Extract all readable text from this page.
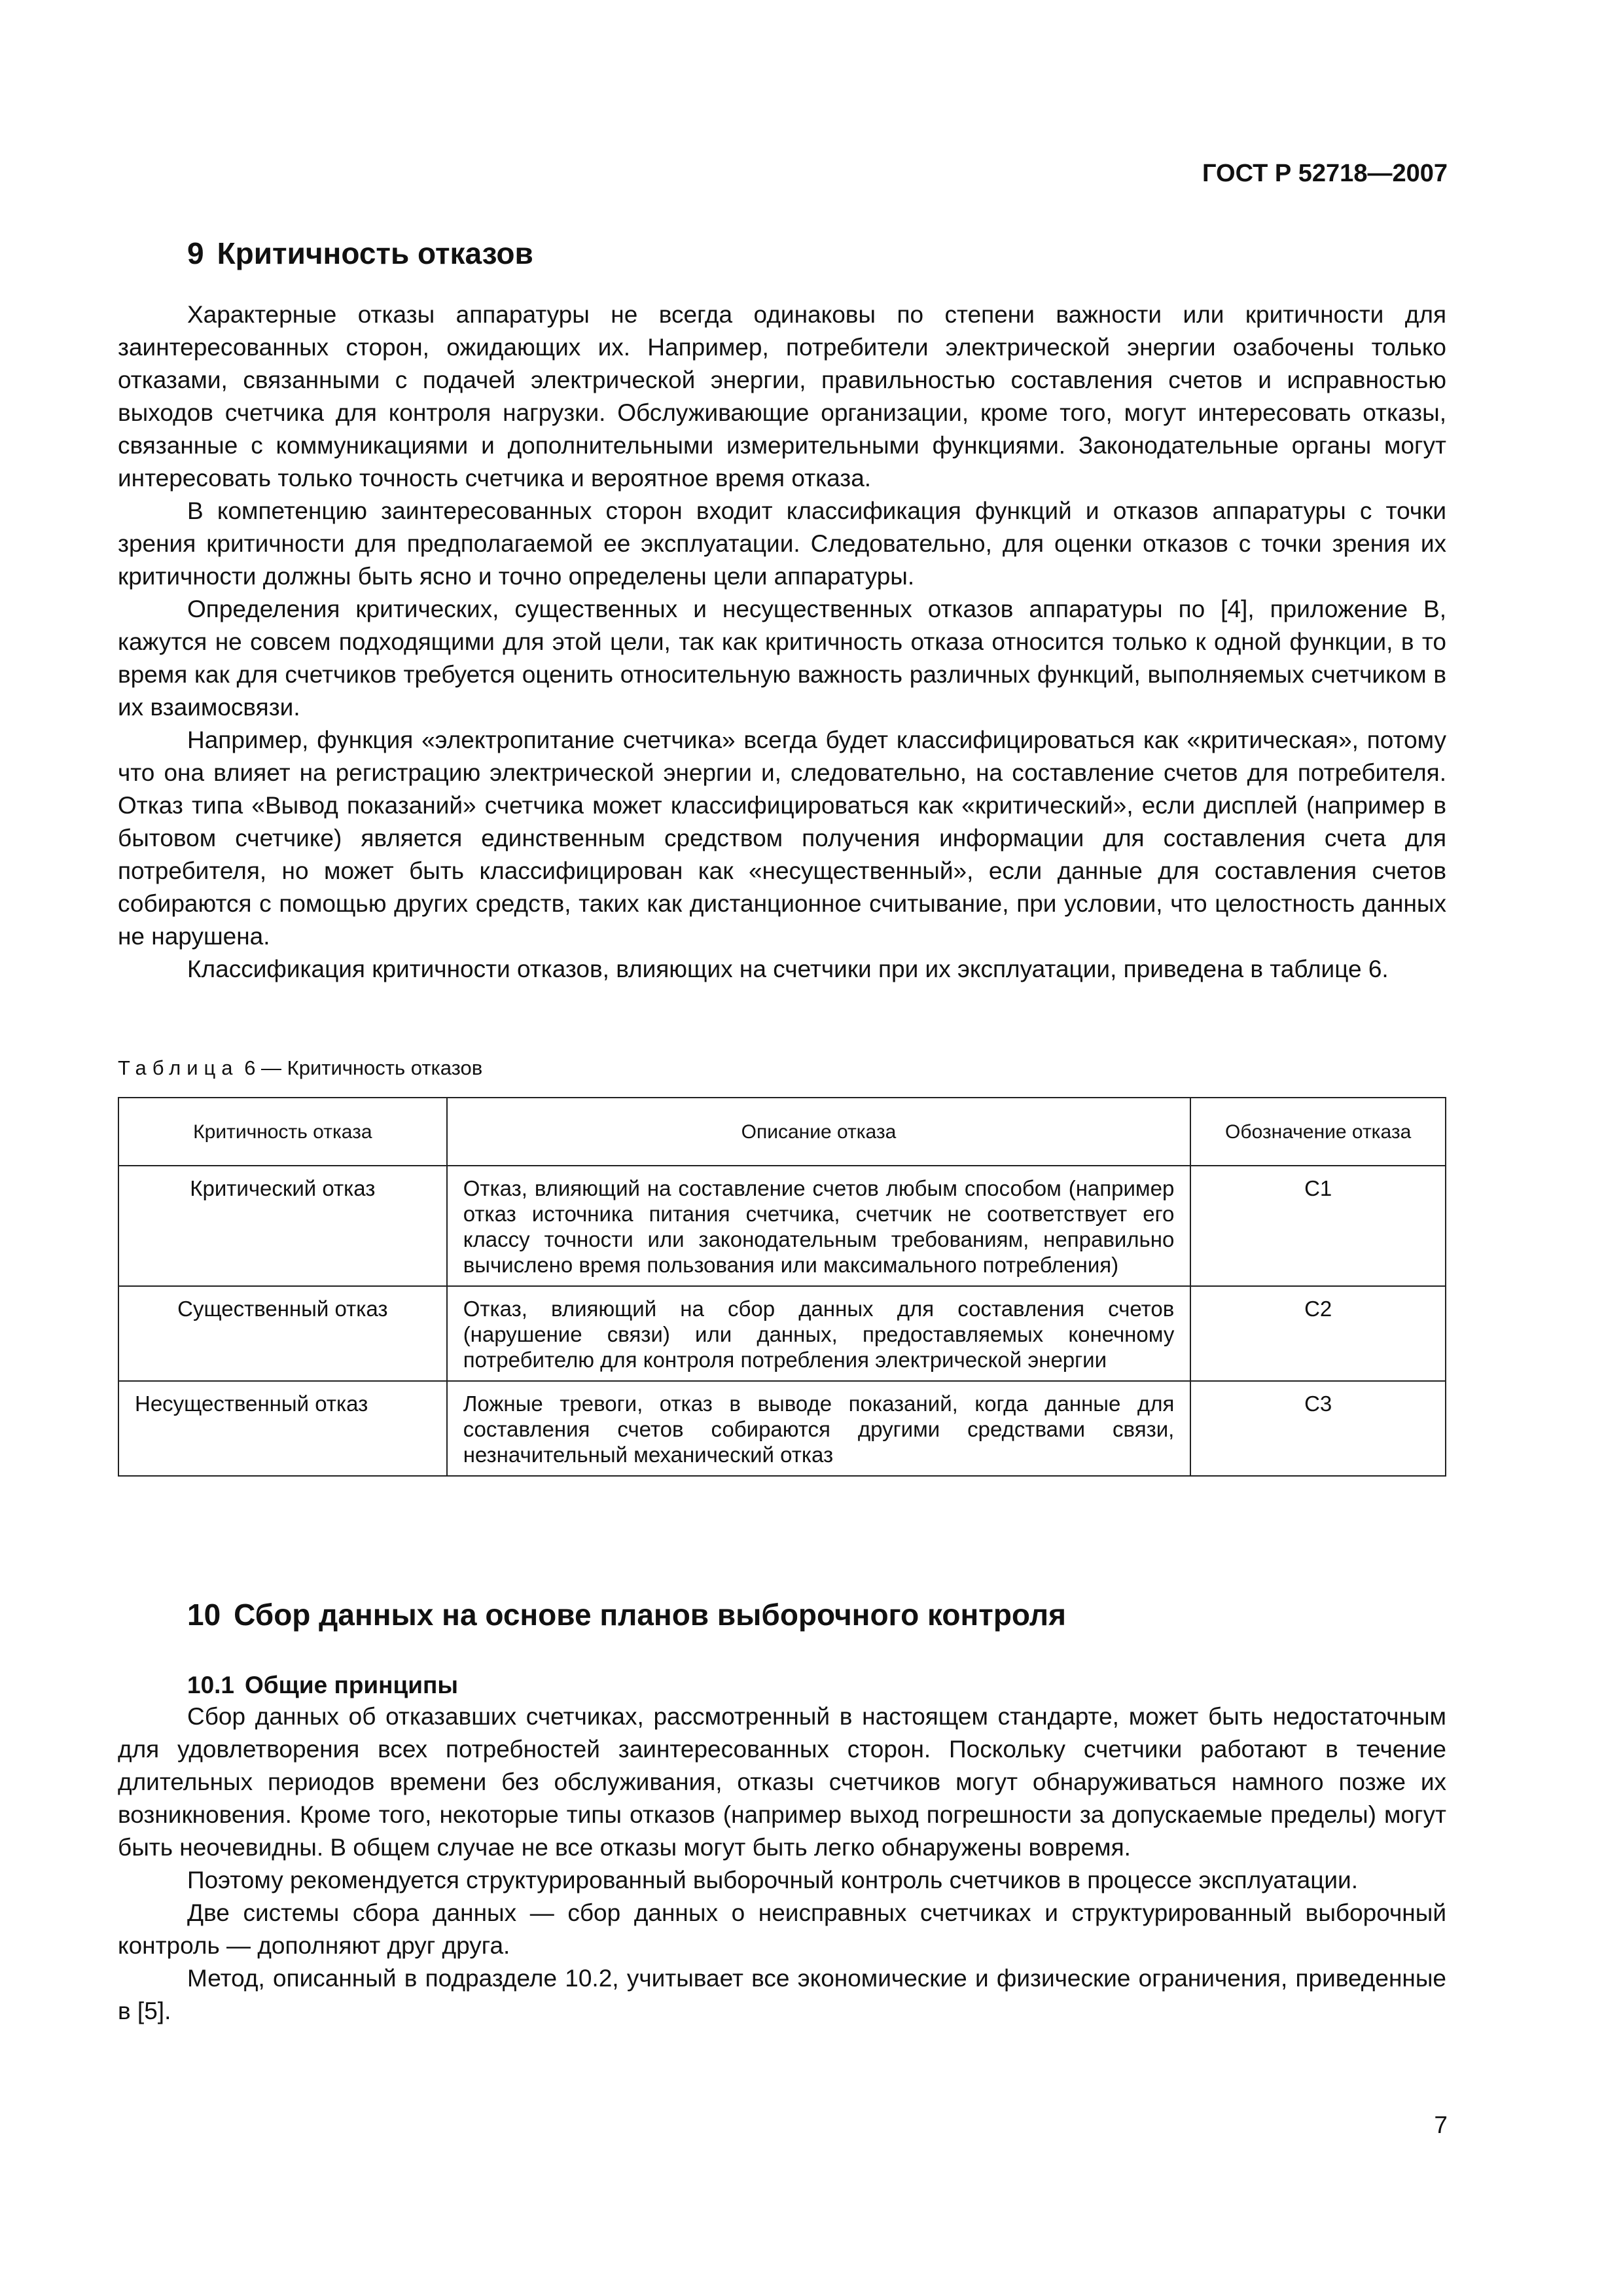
ГОСТ Р 52718—2007
9 Критичность отказов

Характерные отказы аппаратуры не всегда одинаковы по степени важности или критичности для заинтересованных сторон, ожидающих их. Например, потребители электрической энергии озабочены только отказами, связанными с подачей электрической энергии, правильностью составления счетов и исправностью выходов счетчика для контроля нагрузки. Обслуживающие организации, кроме того, могут интересовать отказы, связанные с коммуникациями и дополнительными измерительными функциями. Законодательные органы могут интересовать только точность счетчика и вероятное время отказа.

В компетенцию заинтересованных сторон входит классификация функций и отказов аппаратуры с точки зрения критичности для предполагаемой ее эксплуатации. Следовательно, для оценки отказов с точки зрения их критичности должны быть ясно и точно определены цели аппаратуры.

Определения критических, существенных и несущественных отказов аппаратуры по [4], приложение В, кажутся не совсем подходящими для этой цели, так как критичность отказа относится только к одной функции, в то время как для счетчиков требуется оценить относительную важность различных функций, выполняемых счетчиком в их взаимосвязи.

Например, функция «электропитание счетчика» всегда будет классифицироваться как «критическая», потому что она влияет на регистрацию электрической энергии и, следовательно, на составление счетов для потребителя. Отказ типа «Вывод показаний» счетчика может классифицироваться как «критический», если дисплей (например в бытовом счетчике) является единственным средством получения информации для составления счета для потребителя, но может быть классифицирован как «несущественный», если данные для составления счетов собираются с помощью других средств, таких как дистанционное считывание, при условии, что целостность данных не нарушена.

Классификация критичности отказов, влияющих на счетчики при их эксплуатации, приведена в таблице 6.

Таблица 6 — Критичность отказов
Критичность отказа	Описание отказа	Обозначение отказа
Критический отказ	Отказ, влияющий на составление счетов любым способом (например отказ источника питания счетчика, счетчик не соответствует его классу точности или законодательным требованиям, неправильно вычислено время пользования или максимального потребления)	С1
Существенный отказ	Отказ, влияющий на сбор данных для составления счетов (нарушение связи) или данных, предоставляемых конечному потребителю для контроля потребления электрической энергии	С2
Несущественный отказ	Ложные тревоги, отказ в выводе показаний, когда данные для составления счетов собираются другими средствами связи, незначительный механический отказ	С3
10 Сбор данных на основе планов выборочного контроля
10.1 Общие принципы

Сбор данных об отказавших счетчиках, рассмотренный в настоящем стандарте, может быть недостаточным для удовлетворения всех потребностей заинтересованных сторон. Поскольку счетчики работают в течение длительных периодов времени без обслуживания, отказы счетчиков могут обнаруживаться намного позже их возникновения. Кроме того, некоторые типы отказов (например выход погрешности за допускаемые пределы) могут быть неочевидны. В общем случае не все отказы могут быть легко обнаружены вовремя.

Поэтому рекомендуется структурированный выборочный контроль счетчиков в процессе эксплуатации.

Две системы сбора данных — сбор данных о неисправных счетчиках и структурированный выборочный контроль — дополняют друг друга.

Метод, описанный в подразделе 10.2, учитывает все экономические и физические ограничения, приведенные в [5].

7
